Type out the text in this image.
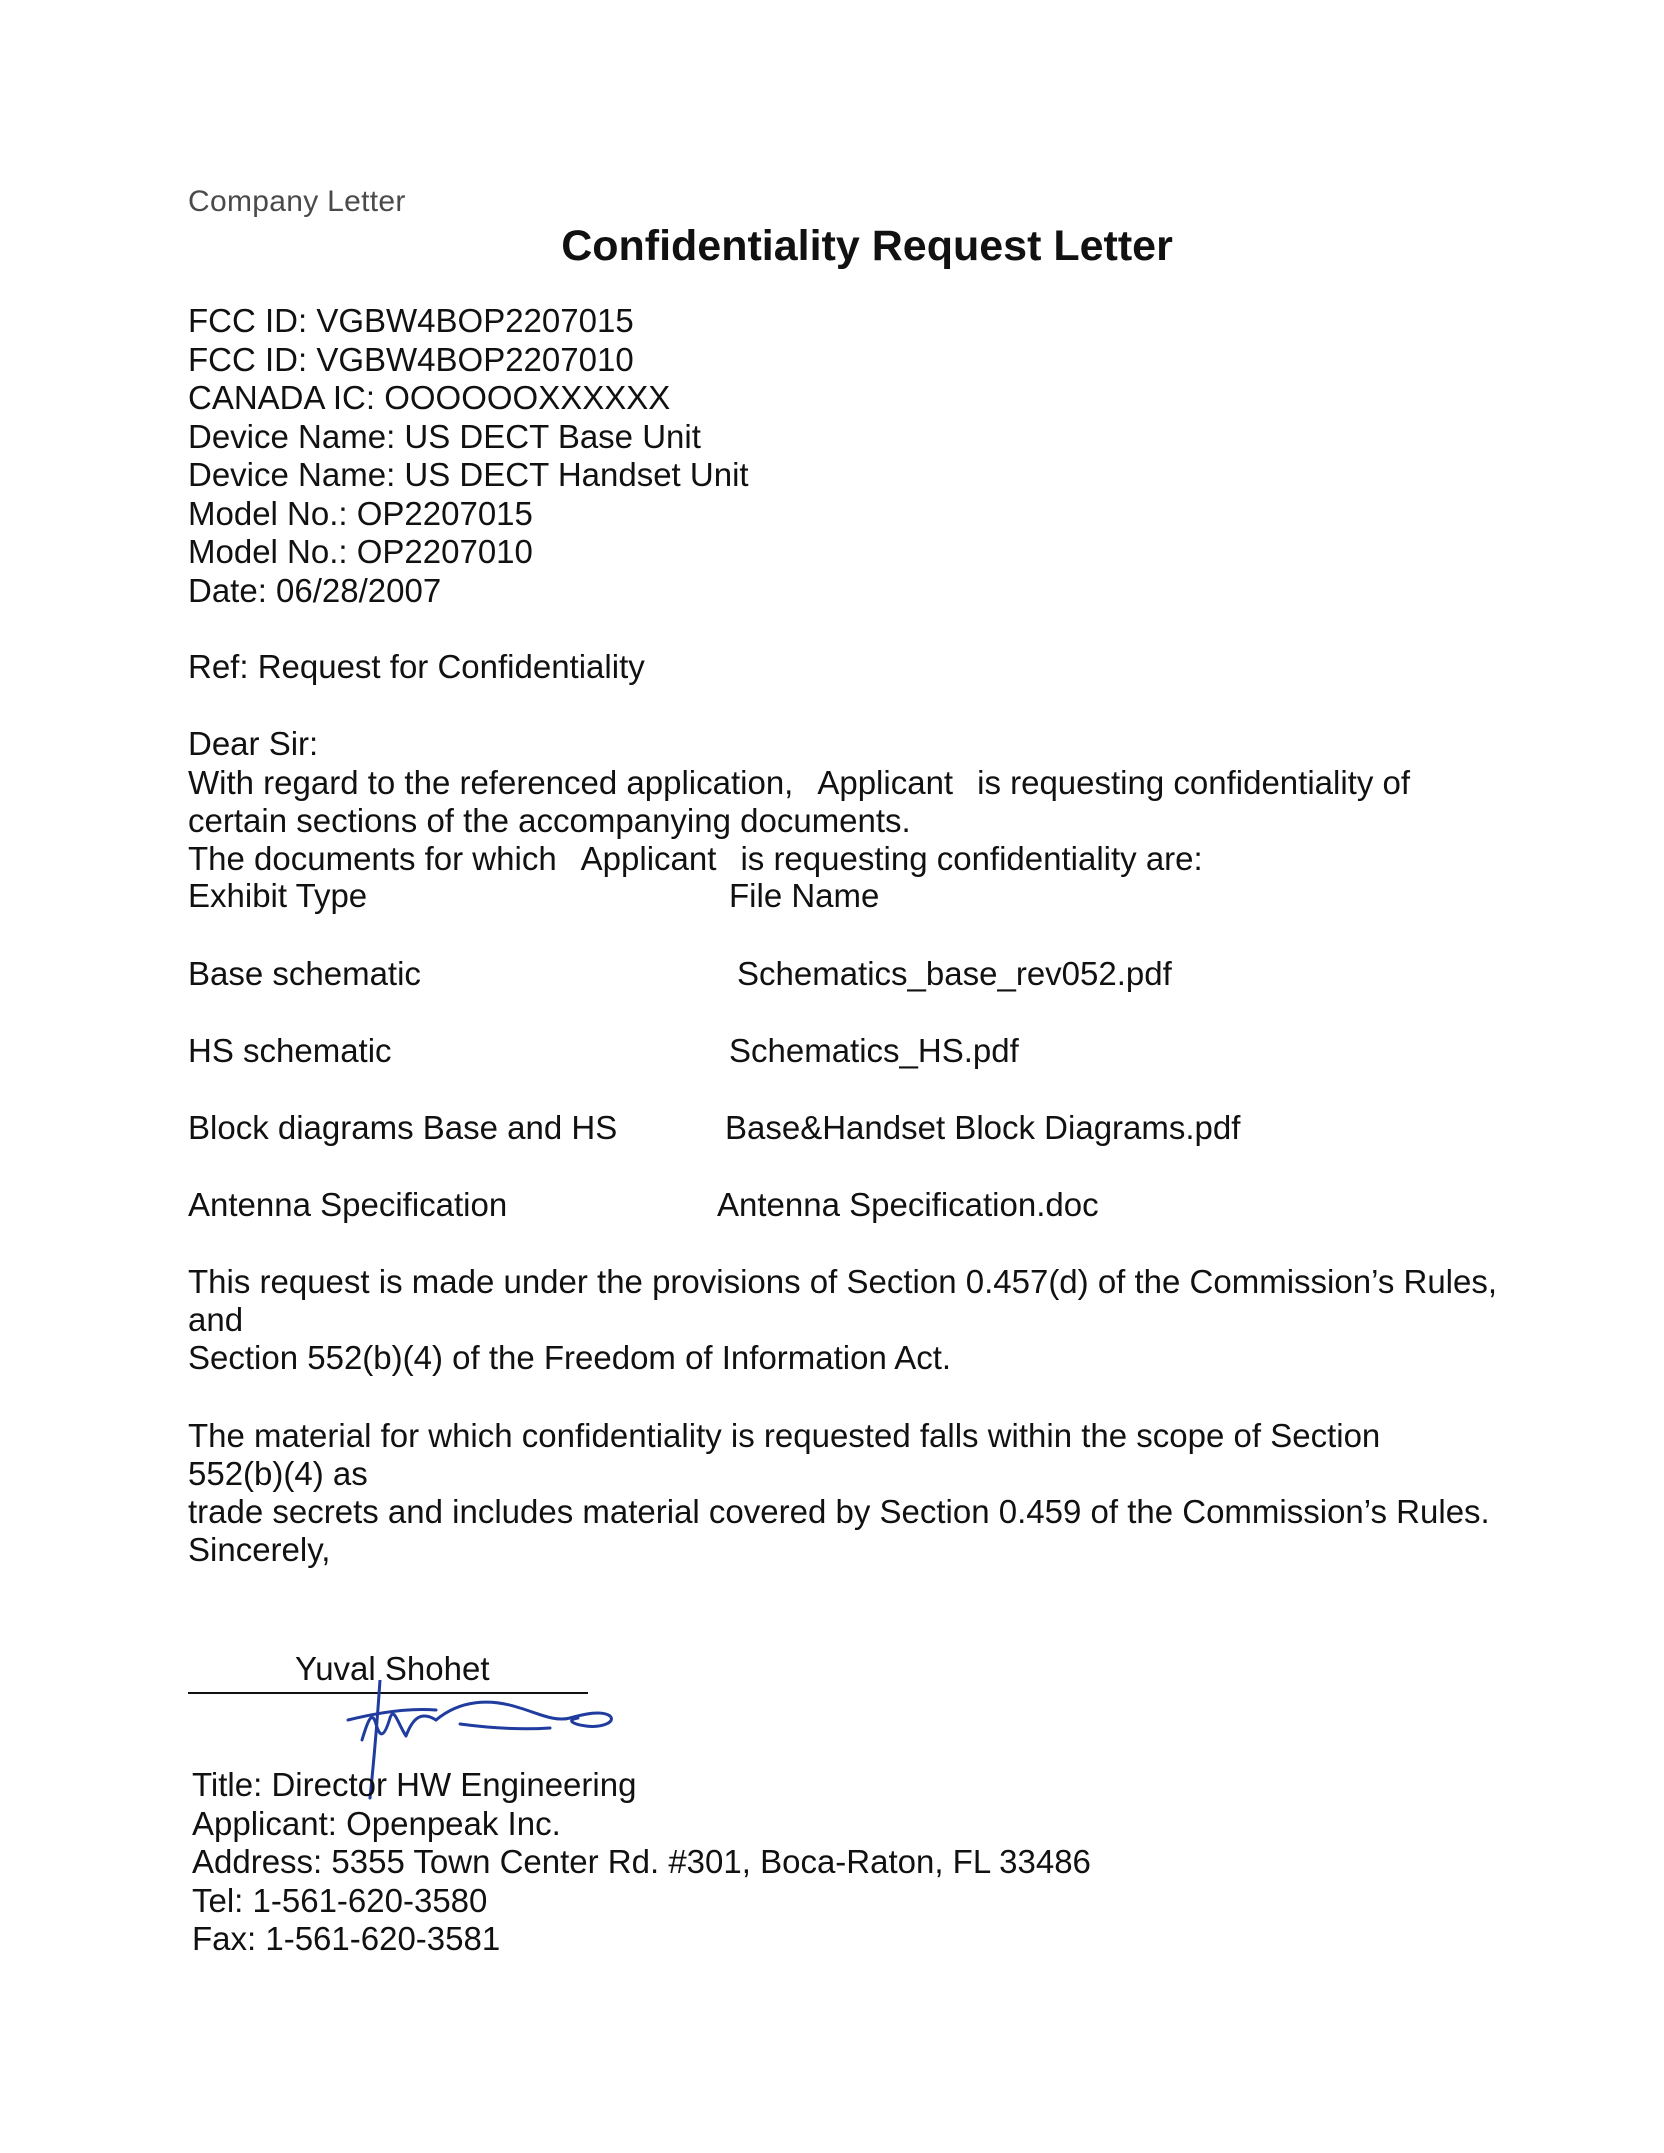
Company Letter
Confidentiality Request Letter
FCC ID: VGBW4BOP2207015
FCC ID: VGBW4BOP2207010
CANADA IC: OOOOOOXXXXXX
Device Name: US DECT Base Unit
Device Name: US DECT Handset Unit
Model No.: OP2207015
Model No.: OP2207010
Date: 06/28/2007
Ref: Request for Confidentiality
Dear Sir:
With regard to the referenced application, Applicant is requesting confidentiality of
certain sections of the accompanying documents.
The documents for which Applicant is requesting confidentiality are:
Exhibit Type	File Name
Base schematic	Schematics_base_rev052.pdf
HS schematic	Schematics_HS.pdf
Block diagrams Base and HS	Base&Handset Block Diagrams.pdf
Antenna Specification	Antenna Specification.doc
This request is made under the provisions of Section 0.457(d) of the Commission’s Rules,
and
Section 552(b)(4) of the Freedom of Information Act.
The material for which confidentiality is requested falls within the scope of Section
552(b)(4) as
trade secrets and includes material covered by Section 0.459 of the Commission’s Rules.
Sincerely,
Yuval Shohet
Title: Director HW Engineering
Applicant: Openpeak Inc.
Address: 5355 Town Center Rd. #301, Boca-Raton, FL 33486
Tel: 1-561-620-3580
Fax: 1-561-620-3581
